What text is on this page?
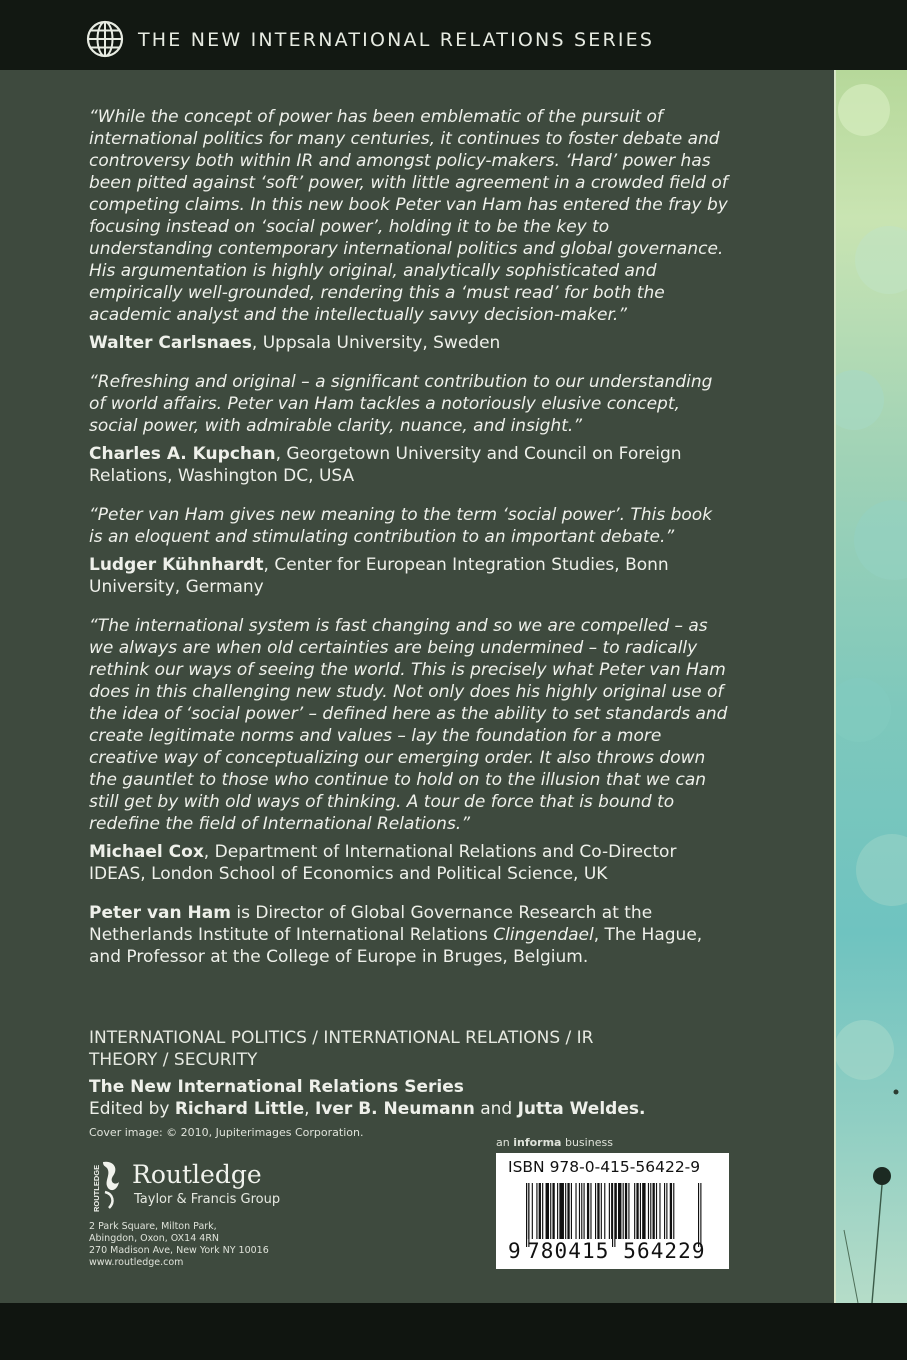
THE NEW INTERNATIONAL RELATIONS SERIES

“While the concept of power has been emblematic of the pursuit of international politics for many centuries, it continues to foster debate and controversy both within IR and amongst policy-makers. ‘Hard’ power has been pitted against ‘soft’ power, with little agreement in a crowded field of competing claims. In this new book Peter van Ham has entered the fray by focusing instead on ‘social power’, holding it to be the key to understanding contemporary international politics and global governance. His argumentation is highly original, analytically sophisticated and empirically well-grounded, rendering this a ‘must read’ for both the academic analyst and the intellectually savvy decision-maker.”

Walter Carlsnaes, Uppsala University, Sweden

“Refreshing and original – a significant contribution to our understanding of world affairs. Peter van Ham tackles a notoriously elusive concept, social power, with admirable clarity, nuance, and insight.”

Charles A. Kupchan, Georgetown University and Council on Foreign Relations, Washington DC, USA

“Peter van Ham gives new meaning to the term ‘social power’. This book is an eloquent and stimulating contribution to an important debate.”

Ludger Kühnhardt, Center for European Integration Studies, Bonn University, Germany

“The international system is fast changing and so we are compelled – as we always are when old certainties are being undermined – to radically rethink our ways of seeing the world. This is precisely what Peter van Ham does in this challenging new study. Not only does his highly original use of the idea of ‘social power’ – defined here as the ability to set standards and create legitimate norms and values – lay the foundation for a more creative way of conceptualizing our emerging order. It also throws down the gauntlet to those who continue to hold on to the illusion that we can still get by with old ways of thinking. A tour de force that is bound to redefine the field of International Relations.”

Michael Cox, Department of International Relations and Co-Director IDEAS, London School of Economics and Political Science, UK

Peter van Ham is Director of Global Governance Research at the Netherlands Institute of International Relations Clingendael, The Hague, and Professor at the College of Europe in Bruges, Belgium.

INTERNATIONAL POLITICS / INTERNATIONAL RELATIONS / IR THEORY / SECURITY
The New International Relations Series
Edited by Richard Little, Iver B. Neumann and Jutta Weldes.
Cover image: © 2010, Jupiterimages Corporation.
ROUTLEDGE Routledge
Taylor & Francis Group
2 Park Square, Milton Park,
Abingdon, Oxon, OX14 4RN
270 Madison Ave, New York NY 10016
www.routledge.com
an informa business
ISBN 978-0-415-56422-9
9 780415 564229
